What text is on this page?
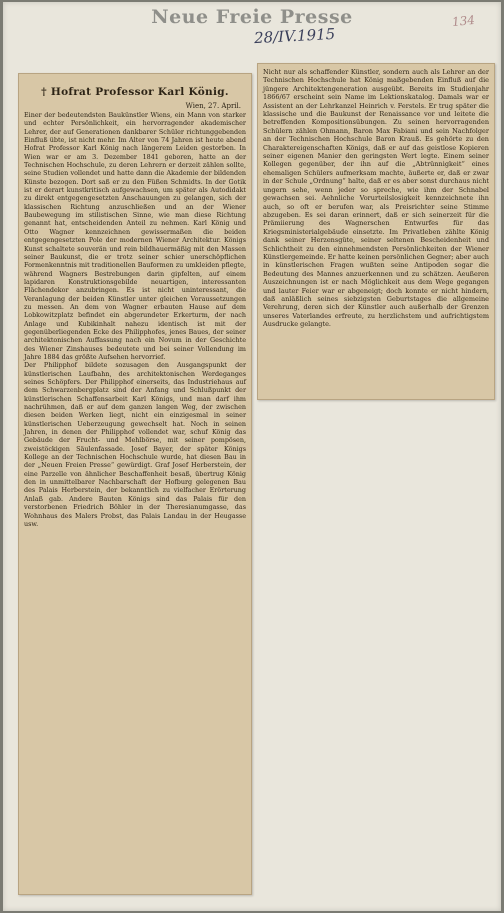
Neue Freie Presse
28/IV.1915
134
† Hofrat Professor Karl König.
Wien, 27. April.

Einer der bedeutendsten Baukünstler Wiens, ein Mann von starker und echter Persönlichkeit, ein hervorragender akademischer Lehrer, der auf Generationen dankbarer Schüler richtunggebenden Einfluß übte, ist nicht mehr. Im Alter von 74 Jahren ist heute abend Hofrat Professor Karl König nach längerem Leiden gestorben. In Wien war er am 3. Dezember 1841 geboren, hatte an der Technischen Hochschule, zu deren Lehrern er derzeit zählen sollte, seine Studien vollendet und hatte dann die Akademie der bildenden Künste bezogen. Dort saß er zu den Füßen Schmidts. In der Gotik ist er derart kunstkritisch aufgewachsen, um später als Autodidakt zu direkt entgegengesetzten Anschauungen zu gelangen, sich der klassischen Richtung anzuschließen und an der Wiener Baubewegung im stilistischen Sinne, wie man diese Richtung genannt hat, entscheidenden Anteil zu nehmen. Karl König und Otto Wagner kennzeichnen gewissermaßen die beiden entgegengesetzten Pole der modernen Wiener Architektur. Königs Kunst schaltete souverän und rein bildhauermäßig mit den Massen seiner Baukunst, die er trotz seiner schier unerschöpflichen Formenkenntnis mit traditionellen Bauformen zu umkleiden pflegte, während Wagners Bestrebungen darin gipfelten, auf einem lapidaren Konstruktionsgebilde neuartigen, interessanten Flächendekor anzubringen. Es ist nicht uninteressant, die Veranlagung der beiden Künstler unter gleichen Voraussetzungen zu messen. An dem von Wagner erbauten Hause auf dem Lobkowitzplatz befindet ein abgerundeter Erkerturm, der nach Anlage und Kubikinhalt nahezu identisch ist mit der gegenüberliegenden Ecke des Philipphofes, jenes Baues, der seiner architektonischen Auffassung nach ein Novum in der Geschichte des Wiener Zinshauses bedeutete und bei seiner Vollendung im Jahre 1884 das größte Aufsehen hervorrief.
Der Philipphof bildete sozusagen den Ausgangspunkt der künstlerischen Laufbahn, des architektonischen Werdeganges seines Schöpfers. Der Philipphof einerseits, das Industriehaus auf dem Schwarzenbergplatz sind der Anfang und Schlußpunkt der künstlerischen Schaffensarbeit Karl Königs, und man darf ihm nachrühmen, daß er auf dem ganzen langen Weg, der zwischen diesen beiden Werken liegt, nicht ein einzigesmal in seiner künstlerischen Ueberzeugung gewechselt hat. Noch in seinen Jahren, in denen der Philipphof vollendet war, schuf König das Gebäude der Frucht- und Mehlbörse, mit seiner pompösen, zweistöckigen Säulenfassade. Josef Bayer, der später Königs Kollege an der Technischen Hochschule wurde, hat diesen Bau in der „Neuen Freien Presse“ gewürdigt. Graf Josef Herberstein, der eine Parzelle von ähnlicher Beschaffenheit besaß, übertrug König den in unmittelbarer Nachbarschaft der Hofburg gelegenen Bau des Palais Herberstein, der bekanntlich zu vielfacher Erörterung Anlaß gab. Andere Bauten Königs sind das Palais für den verstorbenen Friedrich Böhler in der Theresianumgasse, das Wohnhaus des Malers Probst, das Palais Landau in der Heugasse usw.

Nicht nur als schaffender Künstler, sondern auch als Lehrer an der Technischen Hochschule hat König maßgebenden Einfluß auf die jüngere Architektengeneration ausgeübt. Bereits im Studienjahr 1866/67 erscheint sein Name im Lektionskatalog. Damals war er Assistent an der Lehrkanzel Heinrich v. Ferstels. Er trug später die klassische und die Baukunst der Renaissance vor und leitete die betreffenden Kompositionsübungen. Zu seinen hervorragenden Schülern zählen Ohmann, Baron Max Fabiani und sein Nachfolger an der Technischen Hochschule Baron Krauß. Es gehörte zu den Charaktereigenschaften Königs, daß er auf das geistlose Kopieren seiner eigenen Manier den geringsten Wert legte. Einem seiner Kollegen gegenüber, der ihn auf die „Abtrünnigkeit“ eines ehemaligen Schülers aufmerksam machte, äußerte er, daß er zwar in der Schule „Ordnung“ halte, daß er es aber sonst durchaus nicht ungern sehe, wenn jeder so spreche, wie ihm der Schnabel gewachsen sei. Aehnliche Vorurteilslosigkeit kennzeichnete ihn auch, so oft er berufen war, als Preisrichter seine Stimme abzugeben. Es sei daran erinnert, daß er sich seinerzeit für die Prämiierung des Wagnerschen Entwurfes für das Kriegsministerialgebäude einsetzte. Im Privatleben zählte König dank seiner Herzensgüte, seiner seltenen Bescheidenheit und Schlichtheit zu den einnehmendsten Persönlichkeiten der Wiener Künstlergemeinde. Er hatte keinen persönlichen Gegner; aber auch in künstlerischen Fragen wußten seine Antipoden sogar die Bedeutung des Mannes anzuerkennen und zu schätzen. Aeußeren Auszeichnungen ist er nach Möglichkeit aus dem Wege gegangen und lauter Feier war er abgeneigt; doch konnte er nicht hindern, daß anläßlich seines siebzigsten Geburtstages die allgemeine Verehrung, deren sich der Künstler auch außerhalb der Grenzen unseres Vaterlandes erfreute, zu herzlichstem und aufrichtigstem Ausdrucke gelangte.
